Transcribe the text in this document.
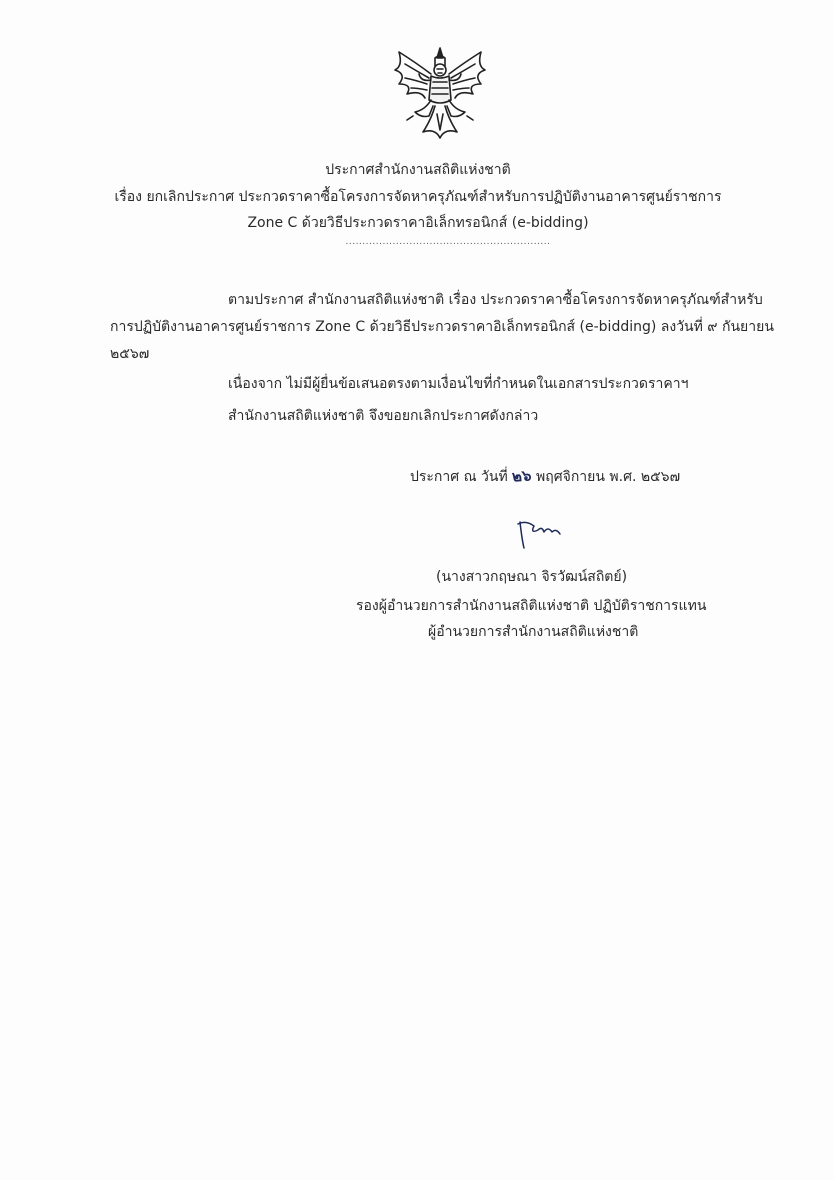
ประกาศสำนักงานสถิติแห่งชาติ
เรื่อง ยกเลิกประกาศ ประกวดราคาซื้อโครงการจัดหาครุภัณฑ์สำหรับการปฏิบัติงานอาคารศูนย์ราชการ
Zone C ด้วยวิธีประกวดราคาอิเล็กทรอนิกส์ (e-bidding)
.............................................................
ตามประกาศ สำนักงานสถิติแห่งชาติ เรื่อง ประกวดราคาซื้อโครงการจัดหาครุภัณฑ์สำหรับ
การปฏิบัติงานอาคารศูนย์ราชการ Zone C ด้วยวิธีประกวดราคาอิเล็กทรอนิกส์ (e-bidding) ลงวันที่ ๙ กันยายน
๒๕๖๗
เนื่องจาก ไม่มีผู้ยื่นข้อเสนอตรงตามเงื่อนไขที่กำหนดในเอกสารประกวดราคาฯ
สำนักงานสถิติแห่งชาติ จึงขอยกเลิกประกาศดังกล่าว
ประกาศ ณ วันที่ ๒๖ พฤศจิกายน พ.ศ. ๒๕๖๗
(นางสาวกฤษณา จิรวัฒน์สถิตย์)
รองผู้อำนวยการสำนักงานสถิติแห่งชาติ ปฏิบัติราชการแทน
ผู้อำนวยการสำนักงานสถิติแห่งชาติ
